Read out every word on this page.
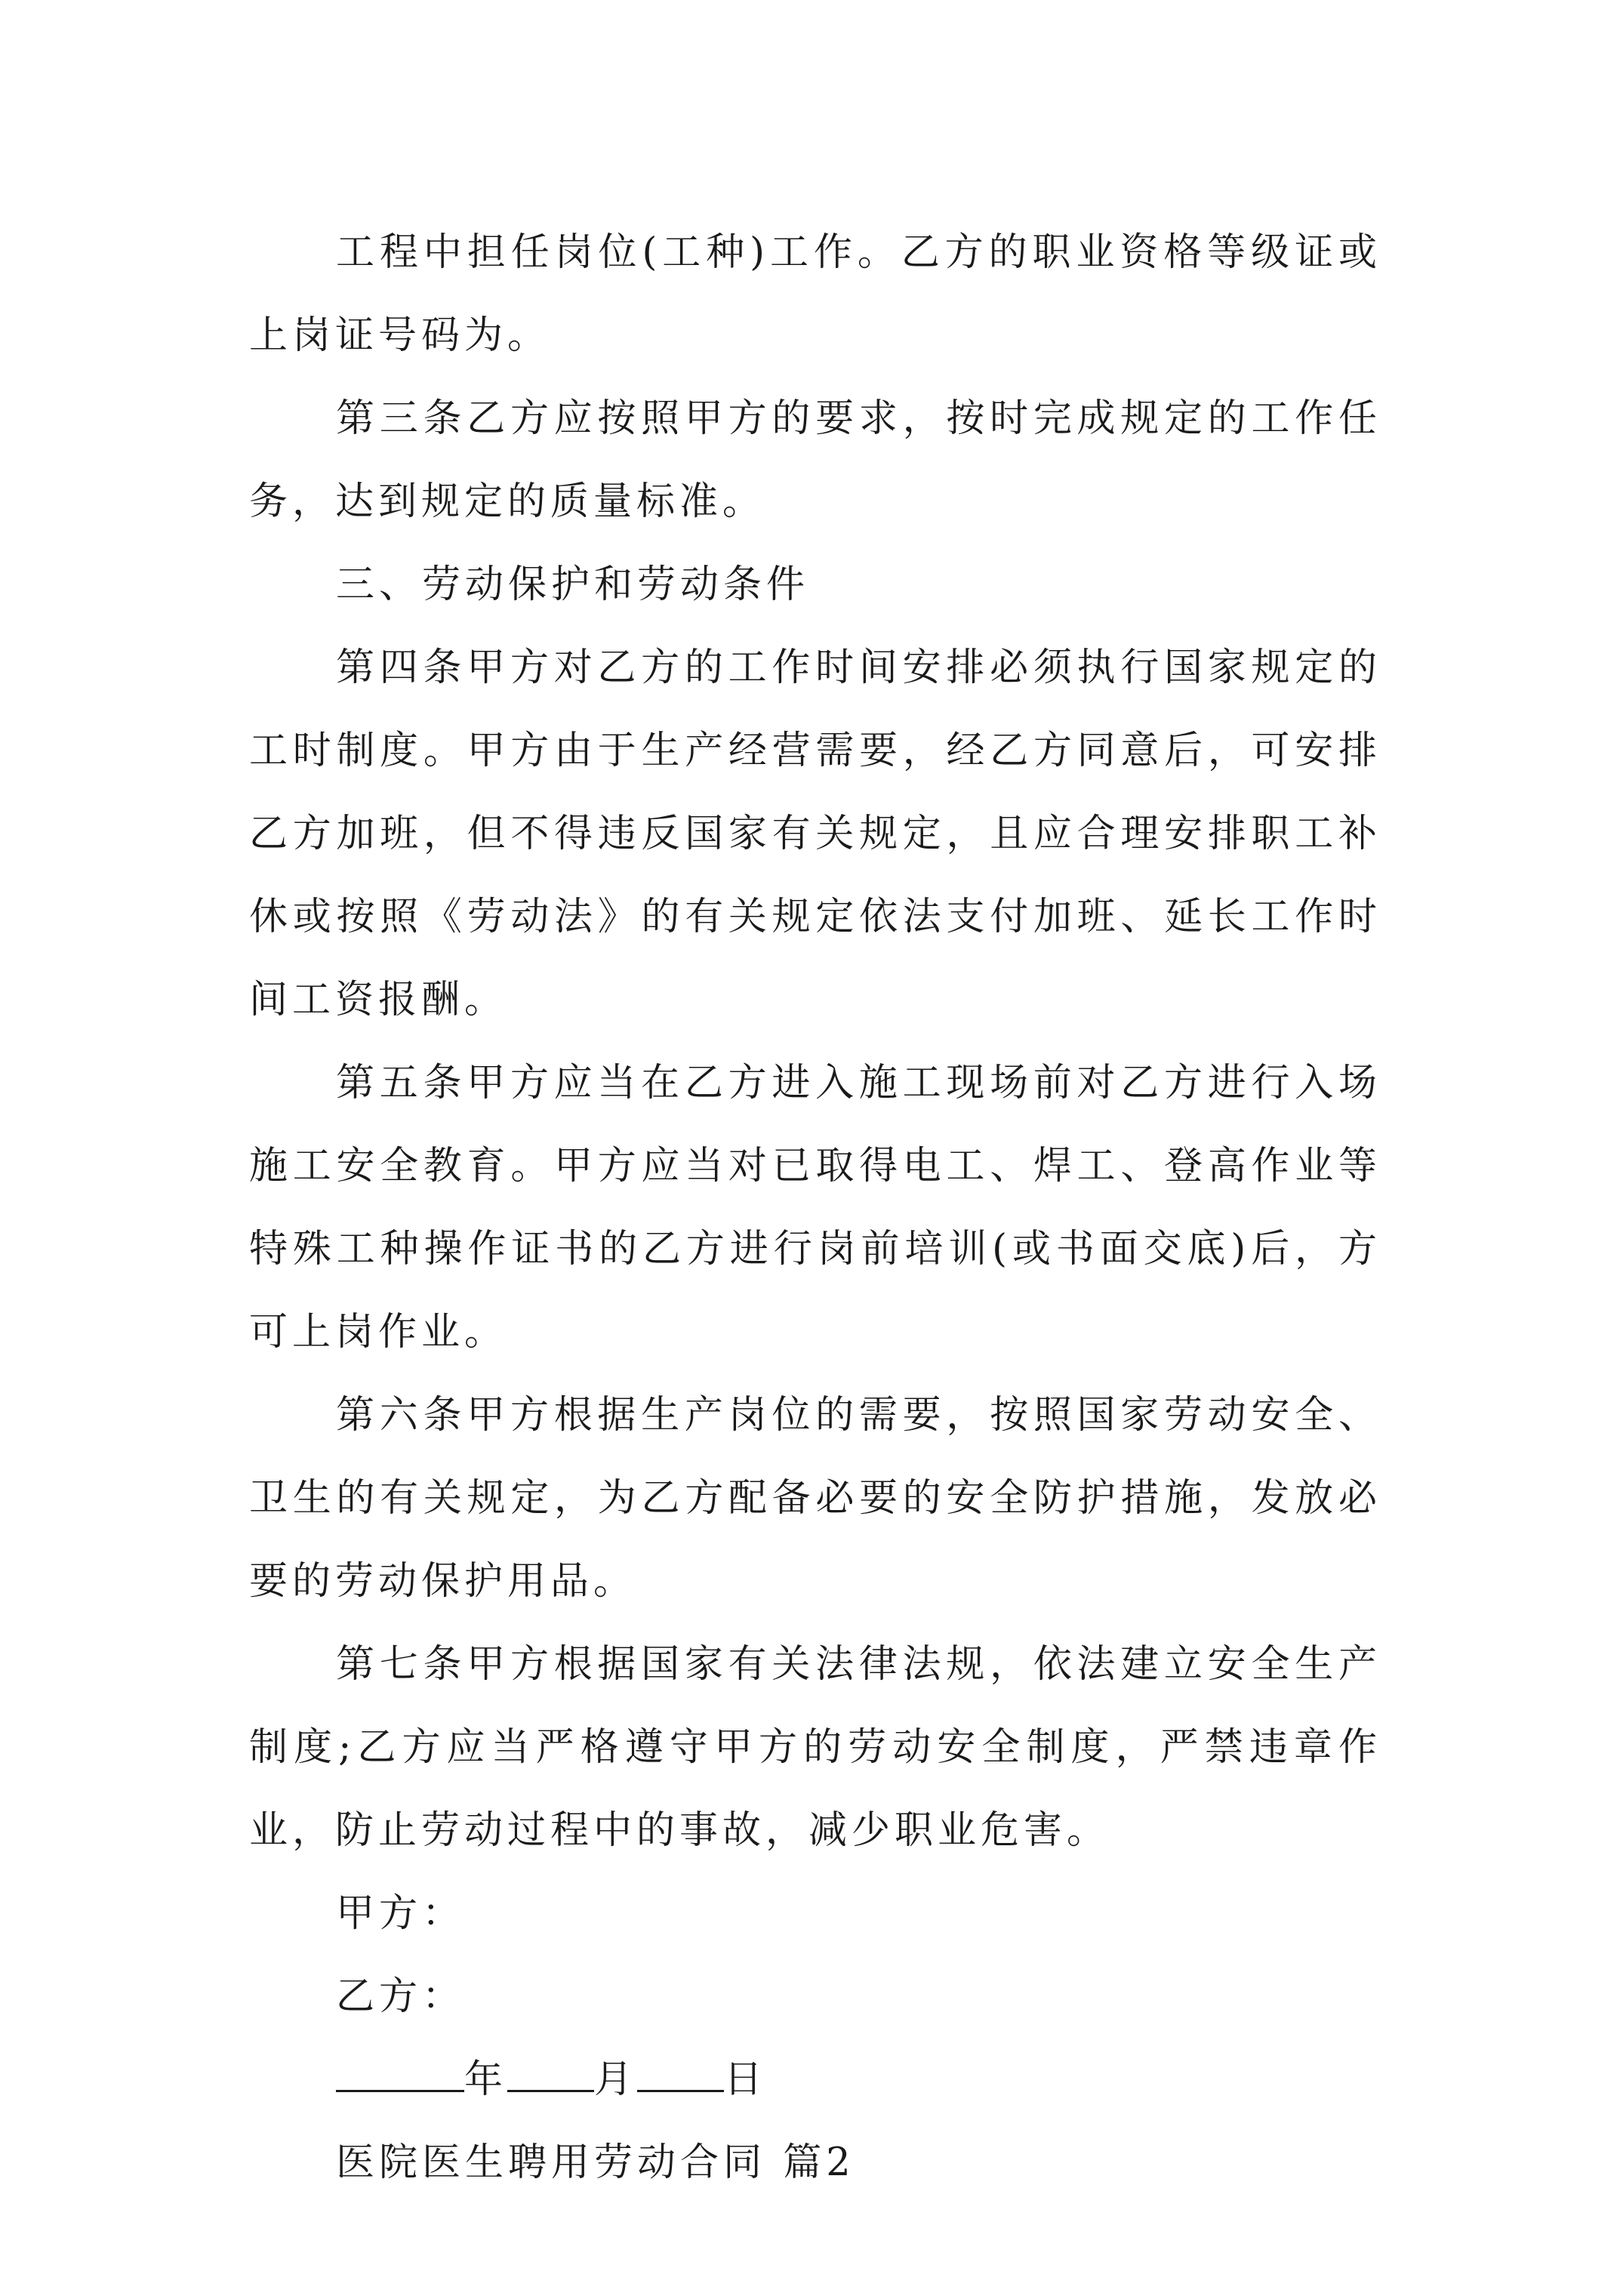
工程中担任岗位(工种)工作。乙方的职业资格等级证或上岗证号码为。

第三条乙方应按照甲方的要求，按时完成规定的工作任务，达到规定的质量标准。

三、劳动保护和劳动条件

第四条甲方对乙方的工作时间安排必须执行国家规定的工时制度。甲方由于生产经营需要，经乙方同意后，可安排乙方加班，但不得违反国家有关规定，且应合理安排职工补休或按照《劳动法》的有关规定依法支付加班、延长工作时间工资报酬。

第五条甲方应当在乙方进入施工现场前对乙方进行入场施工安全教育。甲方应当对已取得电工、焊工、登高作业等特殊工种操作证书的乙方进行岗前培训(或书面交底)后，方可上岗作业。

第六条甲方根据生产岗位的需要，按照国家劳动安全、卫生的有关规定，为乙方配备必要的安全防护措施，发放必要的劳动保护用品。

第七条甲方根据国家有关法律法规，依法建立安全生产制度;乙方应当严格遵守甲方的劳动安全制度，严禁违章作业，防止劳动过程中的事故，减少职业危害。

甲方：

乙方：

年 月 日

医院医生聘用劳动合同 篇2
